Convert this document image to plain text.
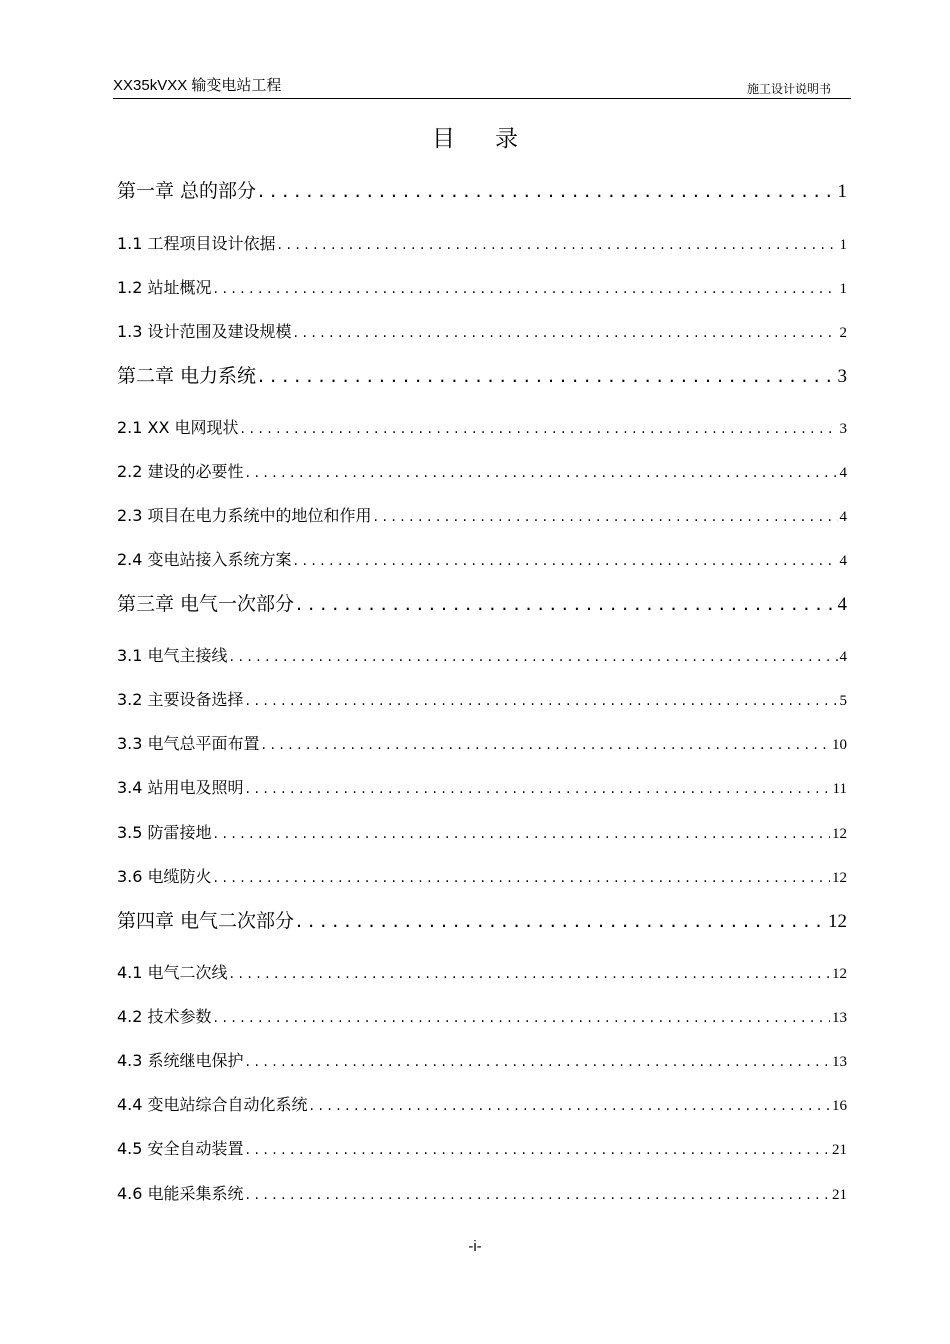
XX35kVXX 输变电站工程	施工设计说明书
目录
第一章 总的部分 . . .	1
1.1 工程项目设计依据 . . .	1
1.2 站址概况 . . .	1
1.3 设计范围及建设规模 . . .	2
第二章 电力系统 . . .	3
2.1 XX 电网现状 . . .	3
2.2 建设的必要性 . . .	4
2.3 项目在电力系统中的地位和作用 . . .	4
2.4 变电站接入系统方案 . . .	4
第三章 电气一次部分 . . .	4
3.1 电气主接线 . . .	4
3.2 主要设备选择 . . .	5
3.3 电气总平面布置 . . .	10
3.4 站用电及照明 . . .	11
3.5 防雷接地 . . .	12
3.6 电缆防火 . . .	12
第四章 电气二次部分 . . .	12
4.1 电气二次线 . . .	12
4.2 技术参数 . . .	13
4.3 系统继电保护 . . .	13
4.4 变电站综合自动化系统 . . .	16
4.5 安全自动装置 . . .	21
4.6 电能采集系统 . . .	21
-i-
